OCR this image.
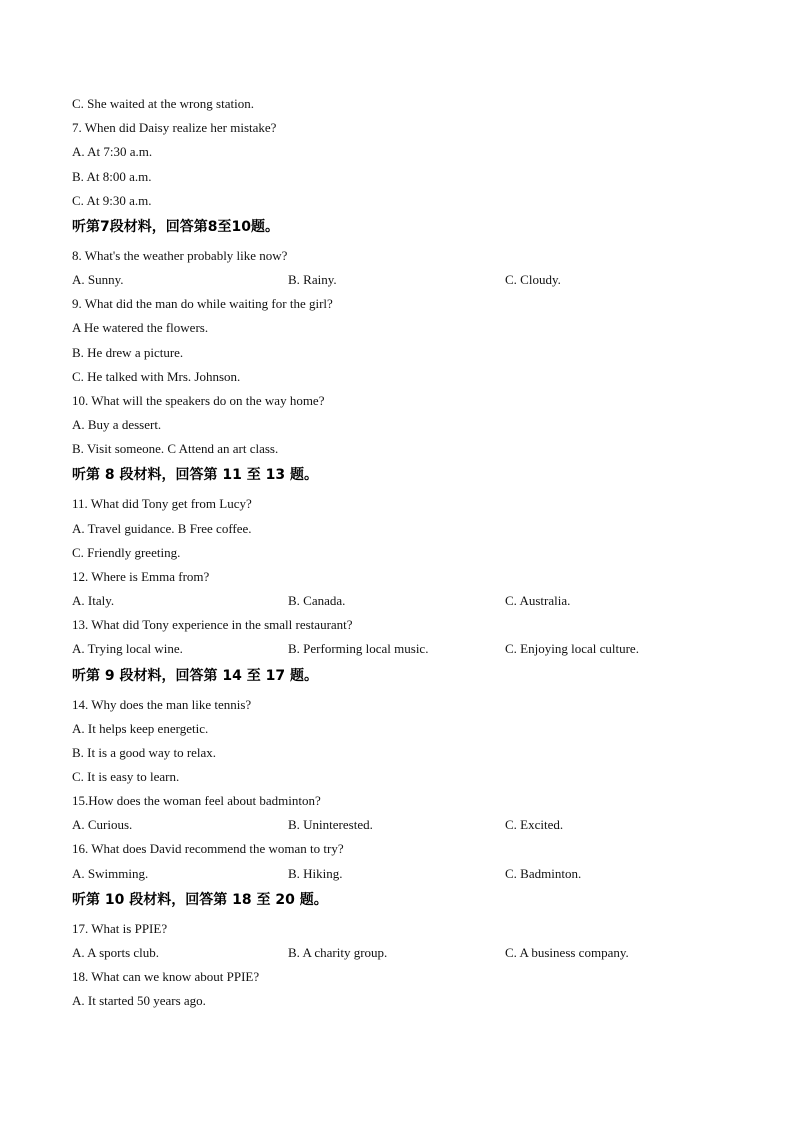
C. She waited at the wrong station.
7. When did Daisy realize her mistake?
A. At 7:30 a.m.
B. At 8:00 a.m.
C. At 9:30 a.m.
听第7段材料，回答第8至10题。
8. What's the weather probably like now?
A. Sunny.	B. Rainy.	C. Cloudy.
9. What did the man do while waiting for the girl?
A He watered the flowers.
B. He drew a picture.
C. He talked with Mrs. Johnson.
10. What will the speakers do on the way home?
A. Buy a dessert.
B. Visit someone. C Attend an art class.
听第 8 段材料，回答第 11 至 13 题。
11. What did Tony get from Lucy?
A. Travel guidance. B Free coffee.
C. Friendly greeting.
12. Where is Emma from?
A. Italy.	B. Canada.	C. Australia.
13. What did Tony experience in the small restaurant?
A. Trying local wine.	B. Performing local music.	C. Enjoying local culture.
听第 9 段材料，回答第 14 至 17 题。
14. Why does the man like tennis?
A. It helps keep energetic.
B. It is a good way to relax.
C. It is easy to learn.
15.How does the woman feel about badminton?
A. Curious.	B. Uninterested.	C. Excited.
16. What does David recommend the woman to try?
A. Swimming.	B. Hiking.	C. Badminton.
听第 10 段材料，回答第 18 至 20 题。
17. What is PPIE?
A. A sports club.	B. A charity group.	C. A business company.
18. What can we know about PPIE?
A. It started 50 years ago.
